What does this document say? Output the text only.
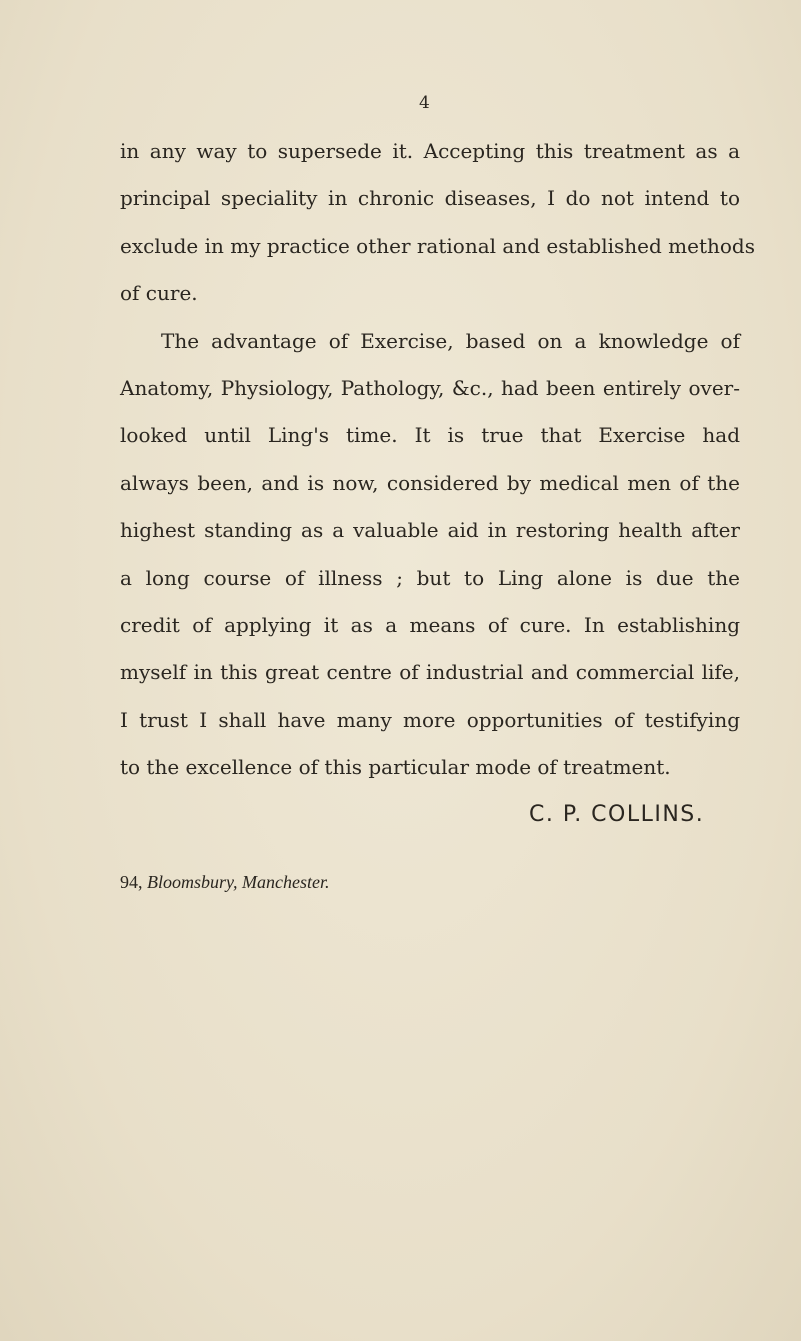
4
in any way to supersede it. Accepting this treatment as a
principal speciality in chronic diseases, I do not intend to
exclude in my practice other rational and established methods
of cure.
The advantage of Exercise, based on a knowledge of
Anatomy, Physiology, Pathology, &c., had been entirely over-
looked until Ling's time. It is true that Exercise had
always been, and is now, considered by medical men of the
highest standing as a valuable aid in restoring health after
a long course of illness ; but to Ling alone is due the
credit of applying it as a means of cure. In establishing
myself in this great centre of industrial and commercial life,
I trust I shall have many more opportunities of testifying
to the excellence of this particular mode of treatment.
C. P. COLLINS.
94, Bloomsbury, Manchester.
